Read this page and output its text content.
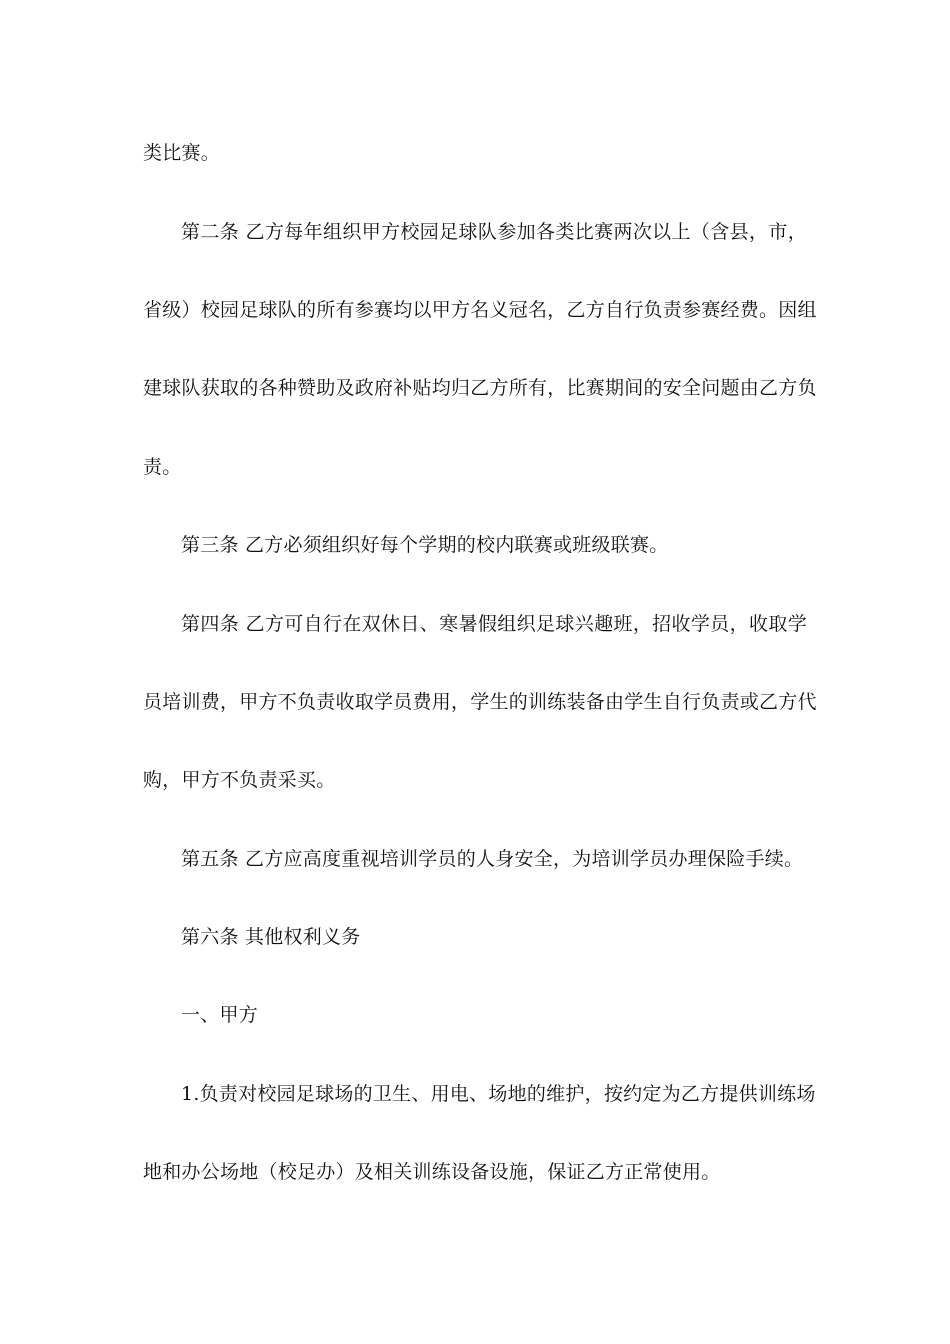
类比赛。
第二条 乙方每年组织甲方校园足球队参加各类比赛两次以上（含县，市，
省级）校园足球队的所有参赛均以甲方名义冠名，乙方自行负责参赛经费。因组
建球队获取的各种赞助及政府补贴均归乙方所有，比赛期间的安全问题由乙方负
责。
第三条 乙方必须组织好每个学期的校内联赛或班级联赛。
第四条 乙方可自行在双休日、寒暑假组织足球兴趣班，招收学员，收取学
员培训费，甲方不负责收取学员费用，学生的训练装备由学生自行负责或乙方代
购，甲方不负责采买。
第五条 乙方应高度重视培训学员的人身安全，为培训学员办理保险手续。
第六条 其他权利义务
一、甲方
1.负责对校园足球场的卫生、用电、场地的维护，按约定为乙方提供训练场
地和办公场地（校足办）及相关训练设备设施，保证乙方正常使用。
